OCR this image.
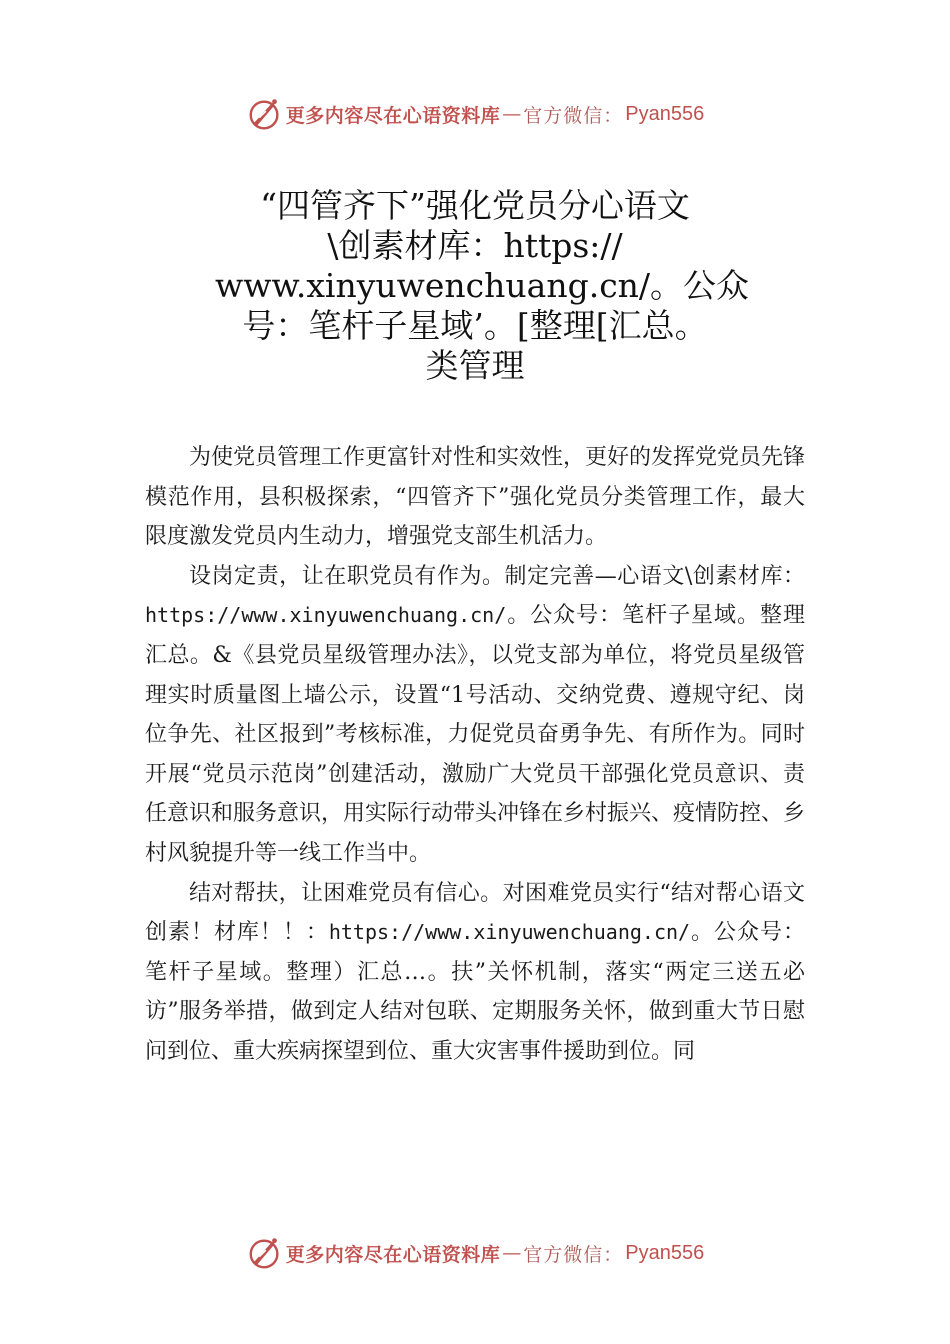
更多内容尽在心语资料库 — 官方微信： Pyan556
“四管齐下”强化党员分心语文
\创素材库：https://
www.xinyuwenchuang.cn/。公众
号：笔杆子星域’。[整理[汇总。
类管理

为使党员管理工作更富针对性和实效性，更好的发挥党党员先锋模范作用，县积极探索，“四管齐下”强化党员分类管理工作，最大限度激发党员内生动力，增强党支部生机活力。

设岗定责，让在职党员有作为。制定完善—心语文\创素材库：https://www.xinyuwenchuang.cn/。公众号：笔杆子星域。整理汇总。&《县党员星级管理办法》，以党支部为单位，将党员星级管理实时质量图上墙公示，设置“1号活动、交纳党费、遵规守纪、岗位争先、社区报到”考核标准，力促党员奋勇争先、有所作为。同时开展“党员示范岗”创建活动，激励广大党员干部强化党员意识、责任意识和服务意识，用实际行动带头冲锋在乡村振兴、疫情防控、乡村风貌提升等一线工作当中。

结对帮扶，让困难党员有信心。对困难党员实行“结对帮心语文创素！材库！！：https://www.xinyuwenchuang.cn/。公众号：笔杆子星域。整理）汇总…。扶”关怀机制，落实“两定三送五必访”服务举措，做到定人结对包联、定期服务关怀，做到重大节日慰问到位、重大疾病探望到位、重大灾害事件援助到位。同

更多内容尽在心语资料库 — 官方微信： Pyan556
